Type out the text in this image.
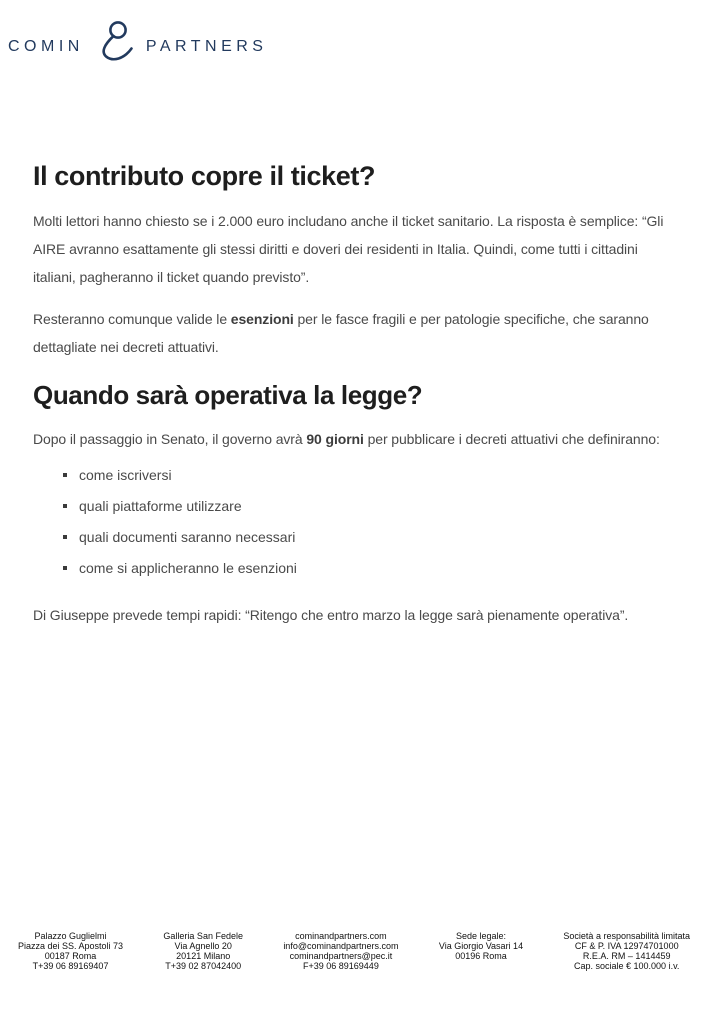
COMIN	PARTNERS
Il contributo copre il ticket?

Molti lettori hanno chiesto se i 2.000 euro includano anche il ticket sanitario. La risposta è semplice: “Gli AIRE avranno esattamente gli stessi diritti e doveri dei residenti in Italia. Quindi, come tutti i cittadini italiani, pagheranno il ticket quando previsto”.

Resteranno comunque valide le esenzioni per le fasce fragili e per patologie specifiche, che saranno dettagliate nei decreti attuativi.

Quando sarà operativa la legge?

Dopo il passaggio in Senato, il governo avrà 90 giorni per pubblicare i decreti attuativi che definiranno:

come iscriversi
quali piattaforme utilizzare
quali documenti saranno necessari
come si applicheranno le esenzioni

Di Giuseppe prevede tempi rapidi: “Ritengo che entro marzo la legge sarà pienamente operativa”.

Palazzo Guglielmi
Piazza dei SS. Apostoli 73
00187 Roma
T+39 06 89169407
Galleria San Fedele
Via Agnello 20
20121 Milano
T+39 02 87042400
cominandpartners.com
info@cominandpartners.com
cominandpartners@pec.it
F+39 06 89169449
Sede legale:
Via Giorgio Vasari 14
00196 Roma
Società a responsabilità limitata
CF & P. IVA 12974701000
R.E.A. RM – 1414459
Cap. sociale € 100.000 i.v.
